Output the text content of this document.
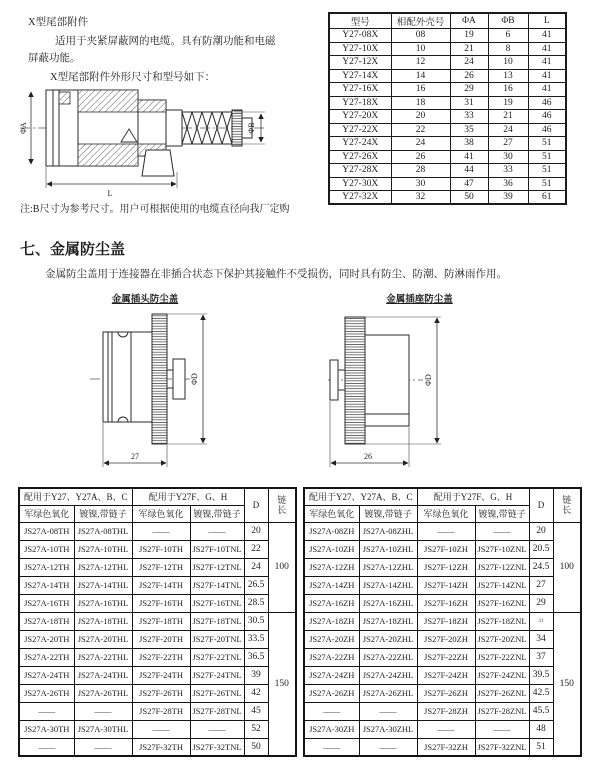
X型尾部附件
适用于夹紧屏蔽网的电缆。具有防潮功能和电磁
屏蔽功能。
X型尾部附件外形尺寸和型号如下：
ΦA	ΦB
L
注:B尺寸为参考尺寸。用户可根据使用的电缆直径向我厂定购
型号	相配外壳号	ΦA	ΦB	L
Y27-08X	08	19	6	41
Y27-10X	10	21	8	41
Y27-12X	12	24	10	41
Y27-14X	14	26	13	41
Y27-16X	16	29	16	41
Y27-18X	18	31	19	46
Y27-20X	20	33	21	46
Y27-22X	22	35	24	46
Y27-24X	24	38	27	51
Y27-26X	26	41	30	51
Y27-28X	28	44	33	51
Y27-30X	30	47	36	51
Y27-32X	32	50	39	61
七、金属防尘盖
金属防尘盖用于连接器在非插合状态下保护其接触件不受损伤，同时具有防尘、防潮、防淋雨作用。
金属插头防尘盖	金属插座防尘盖
ΦD
27
ΦD
26
配用于Y27、Y27A、B、C		配用于Y27F、G、H		D	链长
军绿色氧化	镀镍,带链子	军绿色氧化	镀镍,带链子		
JS27A-08TH	JS27A-08THL	——	——	20	100
JS27A-10TH	JS27A-10THL	JS27F-10TH	JS27F-10TNL	22	
JS27A-12TH	JS27A-12THL	JS27F-12TH	JS27F-12TNL	24	
JS27A-14TH	JS27A-14THL	JS27F-14TH	JS27F-14TNL	26.5	
JS27A-16TH	JS27A-16THL	JS27F-16TH	JS27F-16TNL	28.5	
JS27A-18TH	JS27A-18THL	JS27F-18TH	JS27F-18TNL	30.5	150
JS27A-20TH	JS27A-20THL	JS27F-20TH	JS27F-20TNL	33.5	
JS27A-22TH	JS27A-22THL	JS27F-22TH	JS27F-22TNL	36.5	
JS27A-24TH	JS27A-24THL	JS27F-24TH	JS27F-24TNL	39	
JS27A-26TH	JS27A-26THL	JS27F-26TH	JS27F-26TNL	42	
——	——	JS27F-28TH	JS27F-28TNL	45	
JS27A-30TH	JS27A-30THL	——	——	52	
——	——	JS27F-32TH	JS27F-32TNL	50	
配用于Y27、Y27A、B、C		配用于Y27F、G、H		D	链长
军绿色氧化	镀镍,带链子	军绿色氧化	镀镍,带链子		
JS27A-08ZH	JS27A-08ZHL	——	——	20	100
JS27A-10ZH	JS27A-10ZHL	JS27F-10ZH	JS27F-10ZNL	20.5	
JS27A-12ZH	JS27A-12ZHL	JS27F-12ZH	JS27F-12ZNL	24.5	
JS27A-14ZH	JS27A-14ZHL	JS27F-14ZH	JS27F-14ZNL	27	
JS27A-16ZH	JS27A-16ZHL	JS27F-16ZH	JS27F-16ZNL	29	
JS27A-18ZH	JS27A-18ZHL	JS27F-18ZH	JS27F-18ZNL	31	150
JS27A-20ZH	JS27A-20ZHL	JS27F-20ZH	JS27F-20ZNL	34	
JS27A-22ZH	JS27A-22ZHL	JS27F-22ZH	JS27F-22ZNL	37	
JS27A-24ZH	JS27A-24ZHL	JS27F-24ZH	JS27F-24ZNL	39.5	
JS27A-26ZH	JS27A-26ZHL	JS27F-26ZH	JS27F-26ZNL	42.5	
——	——	JS27F-28ZH	JS27F-28ZNL	45.5	
JS27A-30ZH	JS27A-30ZHL	——	——	48	
——	——	JS27F-32ZH	JS27F-32ZNL	51	
